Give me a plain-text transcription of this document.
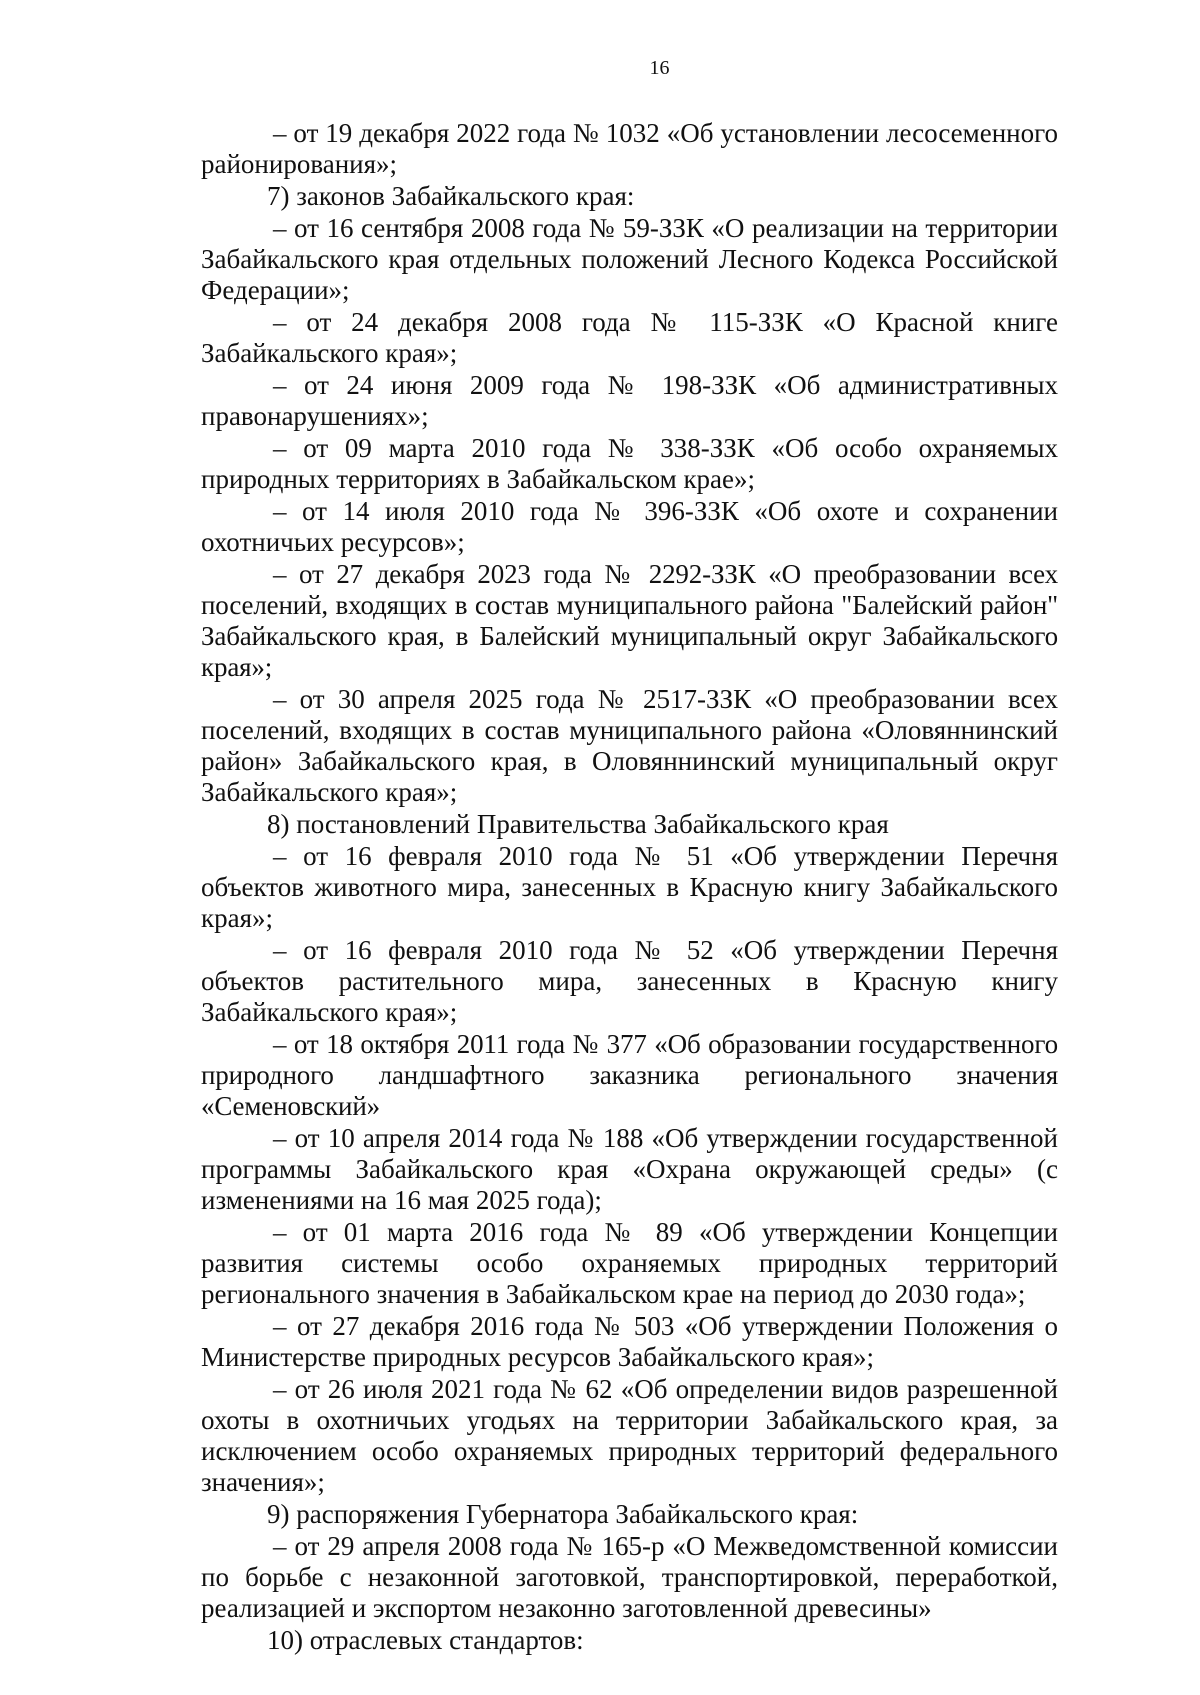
16

– от 19 декабря 2022 года № 1032 «Об установлении лесосеменного районирования»;

7) законов Забайкальского края:

– от 16 сентября 2008 года № 59-ЗЗК «О реализации на территории Забайкальского края отдельных положений Лесного Кодекса Российской Федерации»;

– от 24 декабря 2008 года № 115-ЗЗК «О Красной книге Забайкальского края»;

– от 24 июня 2009 года № 198-ЗЗК «Об административных правонарушениях»;

– от 09 марта 2010 года № 338-ЗЗК «Об особо охраняемых природных территориях в Забайкальском крае»;

– от 14 июля 2010 года № 396-ЗЗК «Об охоте и сохранении охотничьих ресурсов»;

– от 27 декабря 2023 года № 2292-ЗЗК «О преобразовании всех поселений, входящих в состав муниципального района "Балейский район" Забайкальского края, в Балейский муниципальный округ Забайкальского края»;

– от 30 апреля 2025 года № 2517-ЗЗК «О преобразовании всех поселений, входящих в состав муниципального района «Оловяннинский район» Забайкальского края, в Оловяннинский муниципальный округ Забайкальского края»;

8) постановлений Правительства Забайкальского края

– от 16 февраля 2010 года № 51 «Об утверждении Перечня объектов животного мира, занесенных в Красную книгу Забайкальского края»;

– от 16 февраля 2010 года № 52 «Об утверждении Перечня объектов растительного мира, занесенных в Красную книгу Забайкальского края»;

– от 18 октября 2011 года № 377 «Об образовании государственного природного ландшафтного заказника регионального значения «Семеновский»

– от 10 апреля 2014 года № 188 «Об утверждении государственной программы Забайкальского края «Охрана окружающей среды» (с изменениями на 16 мая 2025 года);

– от 01 марта 2016 года № 89 «Об утверждении Концепции развития системы особо охраняемых природных территорий регионального значения в Забайкальском крае на период до 2030 года»;

– от 27 декабря 2016 года № 503 «Об утверждении Положения о Министерстве природных ресурсов Забайкальского края»;

– от 26 июля 2021 года № 62 «Об определении видов разрешенной охоты в охотничьих угодьях на территории Забайкальского края, за исключением особо охраняемых природных территорий федерального значения»;

9) распоряжения Губернатора Забайкальского края:

– от 29 апреля 2008 года № 165-р «О Межведомственной комиссии по борьбе с незаконной заготовкой, транспортировкой, переработкой, реализацией и экспортом незаконно заготовленной древесины»

10) отраслевых стандартов:
